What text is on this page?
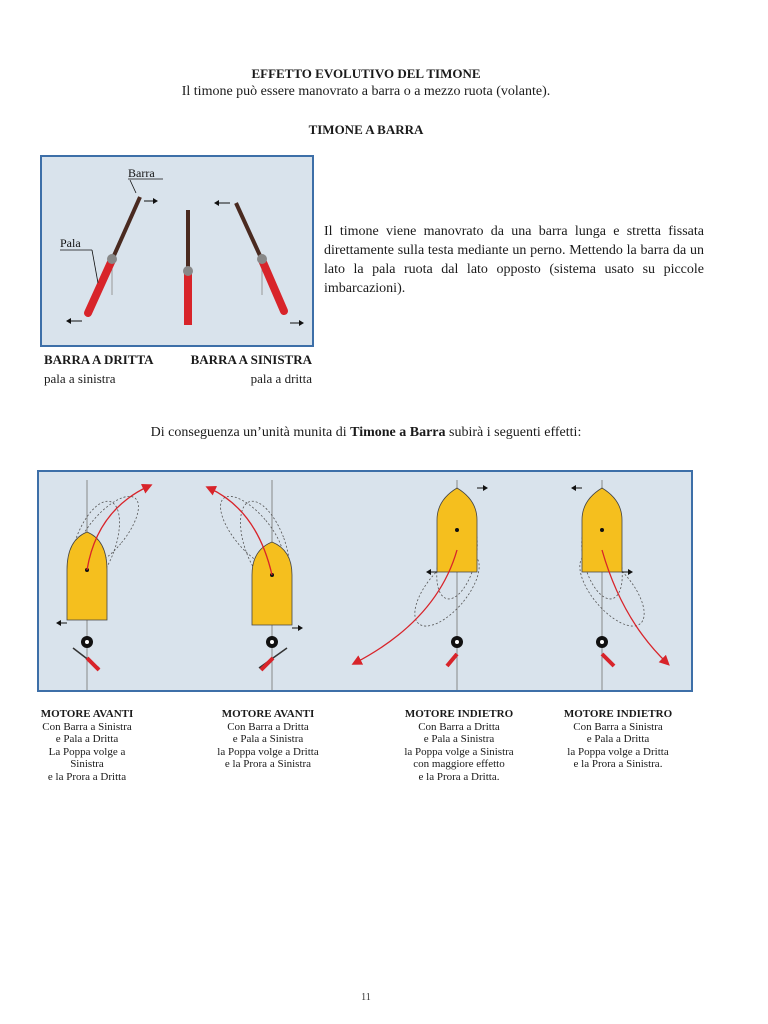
EFFETTO EVOLUTIVO DEL TIMONE
Il timone può essere manovrato a barra o a mezzo ruota (volante).
TIMONE A BARRA
Barra
Pala
Il timone viene manovrato da una barra lunga e stretta fissata direttamente sulla testa mediante un perno. Mettendo la barra da un lato la pala ruota dal lato opposto (sistema usato su piccole imbarcazioni).
BARRA A DRITTA	BARRA A SINISTRA
pala a sinistra	pala a dritta
Di conseguenza un’unità munita di Timone a Barra subirà i seguenti effetti:
MOTORE AVANTI
Con Barra a Sinistra
e Pala a Dritta
La Poppa volge a
Sinistra
e la Prora a Dritta
MOTORE AVANTI
Con Barra a Dritta
e Pala a Sinistra
la Poppa volge a Dritta
e la Prora a Sinistra
MOTORE INDIETRO
Con Barra a Dritta
e Pala a Sinistra
la Poppa volge a Sinistra
con maggiore effetto
e la Prora a Dritta.
MOTORE INDIETRO
Con Barra a Sinistra
e Pala a Dritta
la Poppa volge a Dritta
e la Prora a Sinistra.
11
